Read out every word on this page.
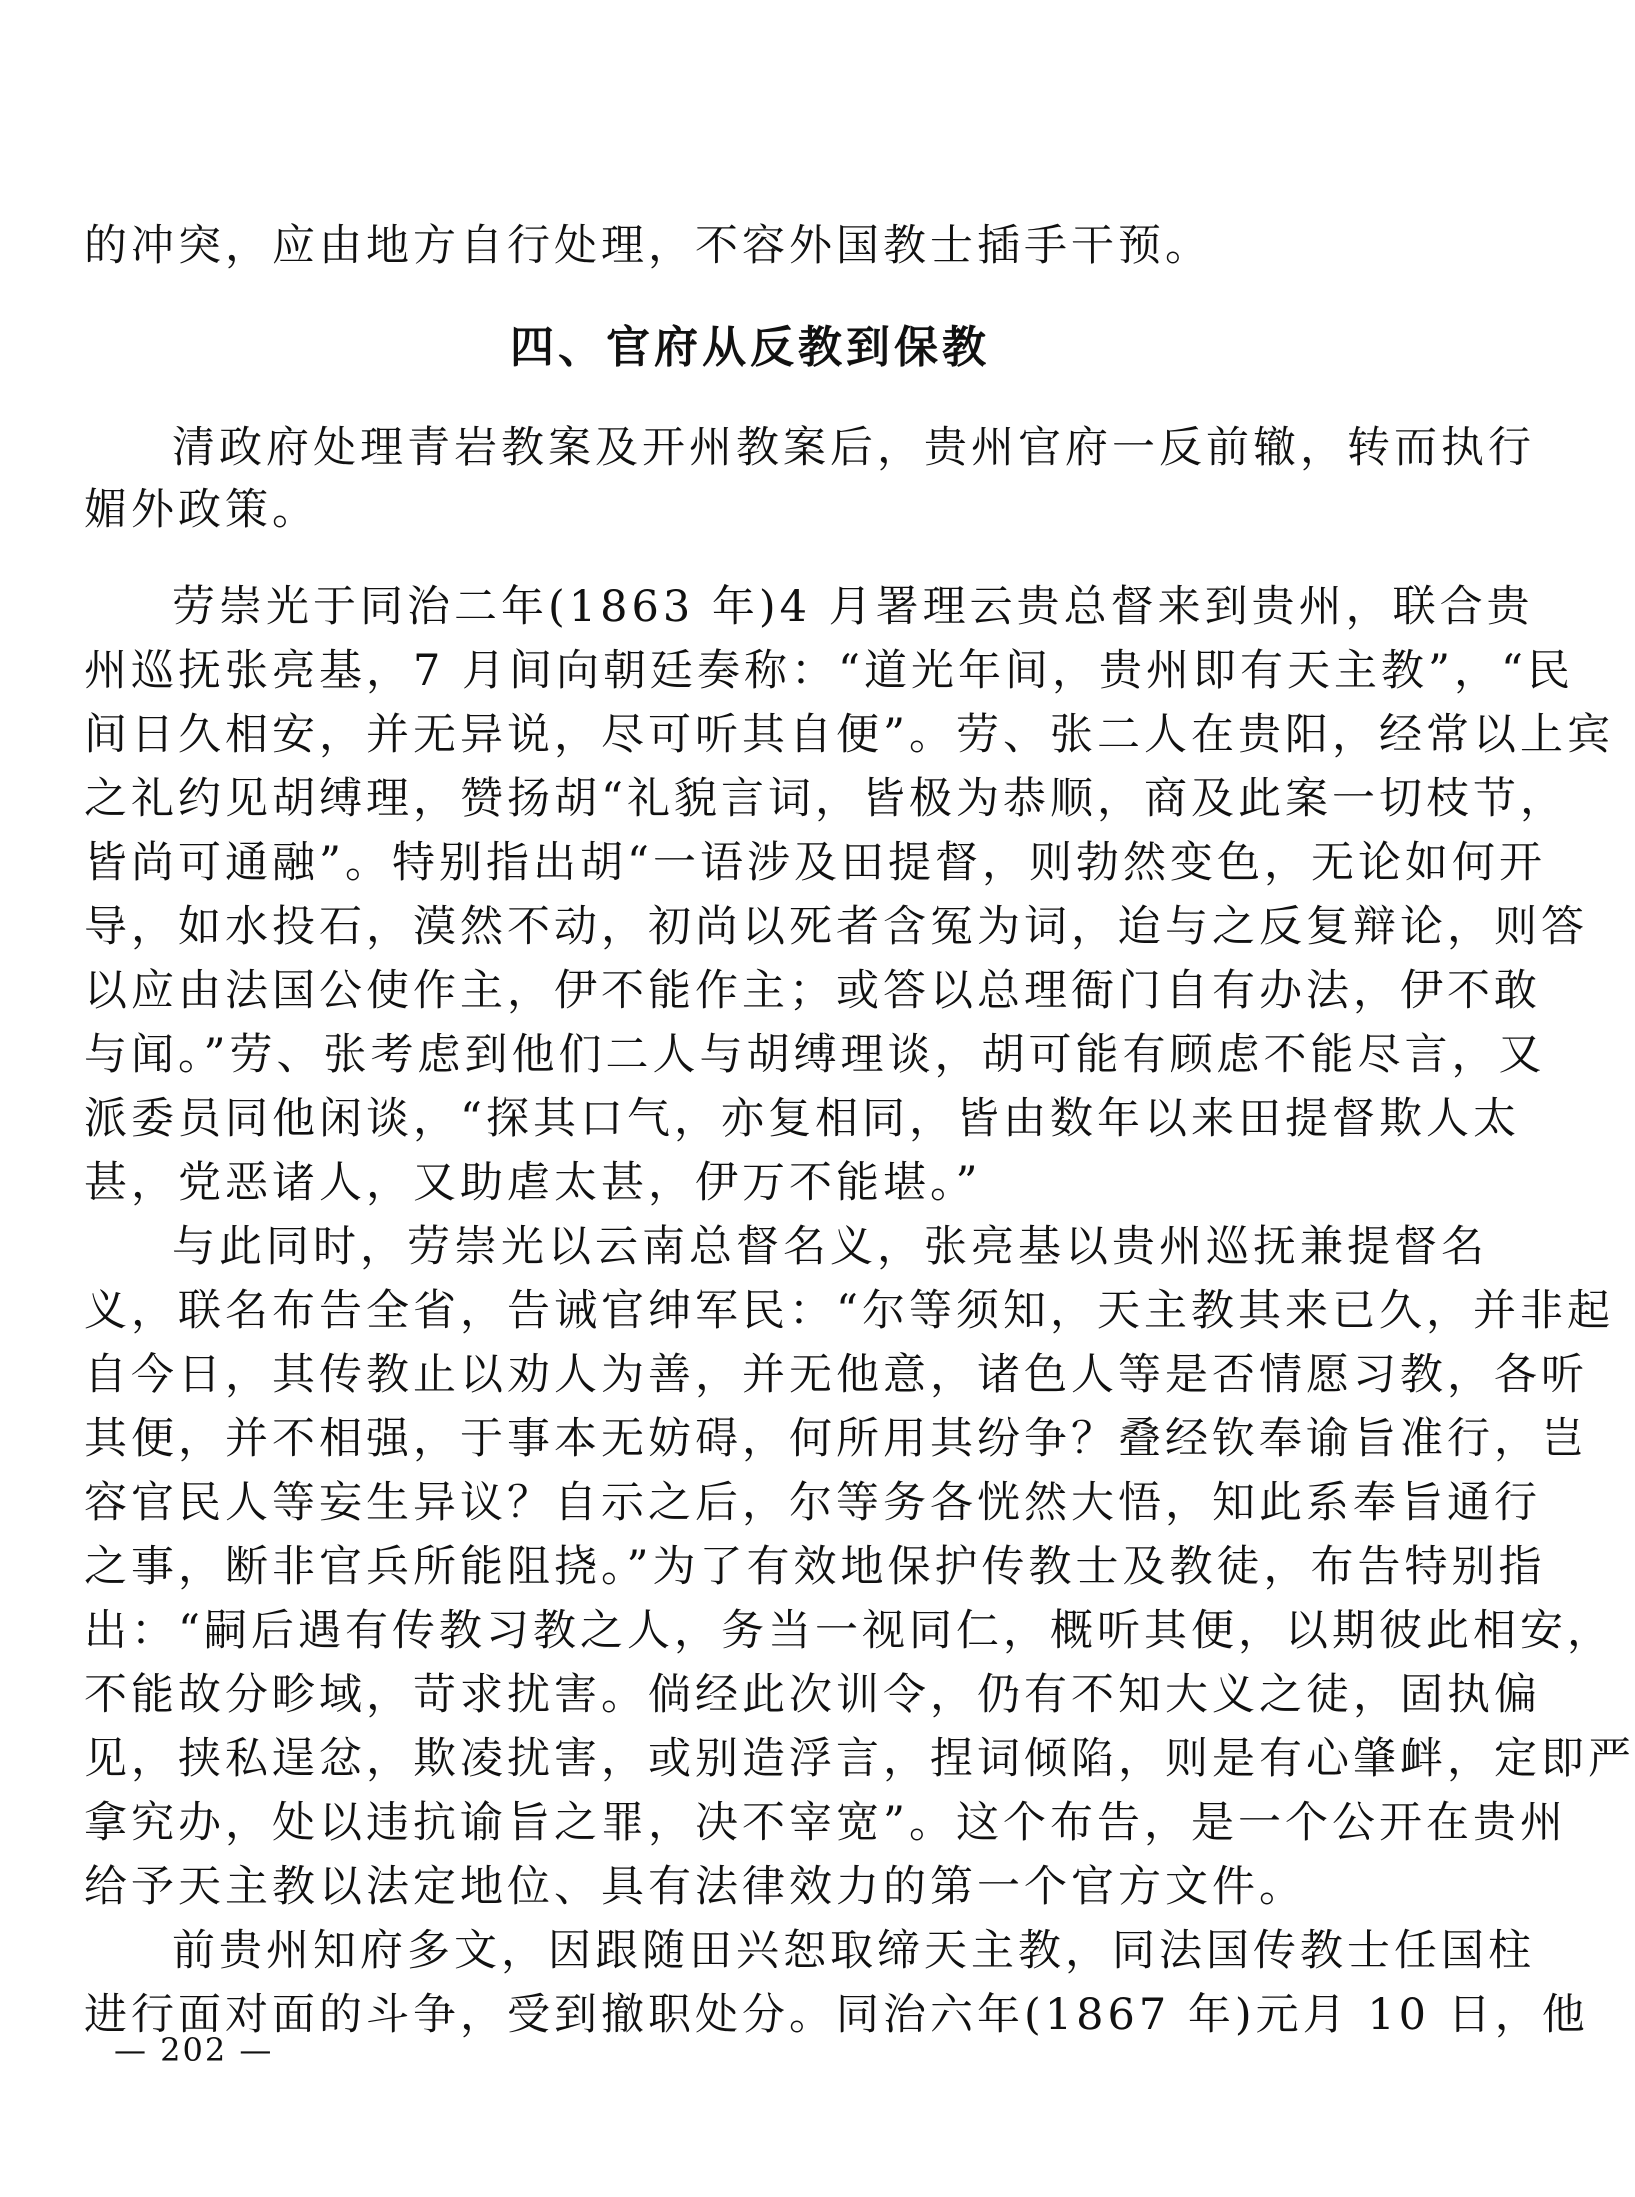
的冲突，应由地方自行处理，不容外国教士插手干预。
四、官府从反教到保教
清政府处理青岩教案及开州教案后，贵州官府一反前辙，转而执行
媚外政策。
劳崇光于同治二年(1863 年)4 月署理云贵总督来到贵州，联合贵
州巡抚张亮基，7 月间向朝廷奏称：“道光年间，贵州即有天主教”，“民
间日久相安，并无异说，尽可听其自便”。劳、张二人在贵阳，经常以上宾
之礼约见胡缚理，赞扬胡“礼貌言词，皆极为恭顺，商及此案一切枝节，
皆尚可通融”。特别指出胡“一语涉及田提督，则勃然变色，无论如何开
导，如水投石，漠然不动，初尚以死者含冤为词，迨与之反复辩论，则答
以应由法国公使作主，伊不能作主；或答以总理衙门自有办法，伊不敢
与闻。”劳、张考虑到他们二人与胡缚理谈，胡可能有顾虑不能尽言，又
派委员同他闲谈，“探其口气，亦复相同，皆由数年以来田提督欺人太
甚，党恶诸人，又助虐太甚，伊万不能堪。”
与此同时，劳崇光以云南总督名义，张亮基以贵州巡抚兼提督名
义，联名布告全省，告诫官绅军民：“尔等须知，天主教其来已久，并非起
自今日，其传教止以劝人为善，并无他意，诸色人等是否情愿习教，各听
其便，并不相强，于事本无妨碍，何所用其纷争？叠经钦奉谕旨准行，岂
容官民人等妄生异议？自示之后，尔等务各恍然大悟，知此系奉旨通行
之事，断非官兵所能阻挠。”为了有效地保护传教士及教徒，布告特别指
出：“嗣后遇有传教习教之人，务当一视同仁，概听其便，以期彼此相安，
不能故分畛域，苛求扰害。倘经此次训令，仍有不知大义之徒，固执偏
见，挟私逞忿，欺凌扰害，或别造浮言，捏词倾陷，则是有心肇衅，定即严
拿究办，处以违抗谕旨之罪，决不宰宽”。这个布告，是一个公开在贵州
给予天主教以法定地位、具有法律效力的第一个官方文件。
前贵州知府多文，因跟随田兴恕取缔天主教，同法国传教士任国柱
进行面对面的斗争，受到撤职处分。同治六年(1867 年)元月 10 日，他
— 202 —
